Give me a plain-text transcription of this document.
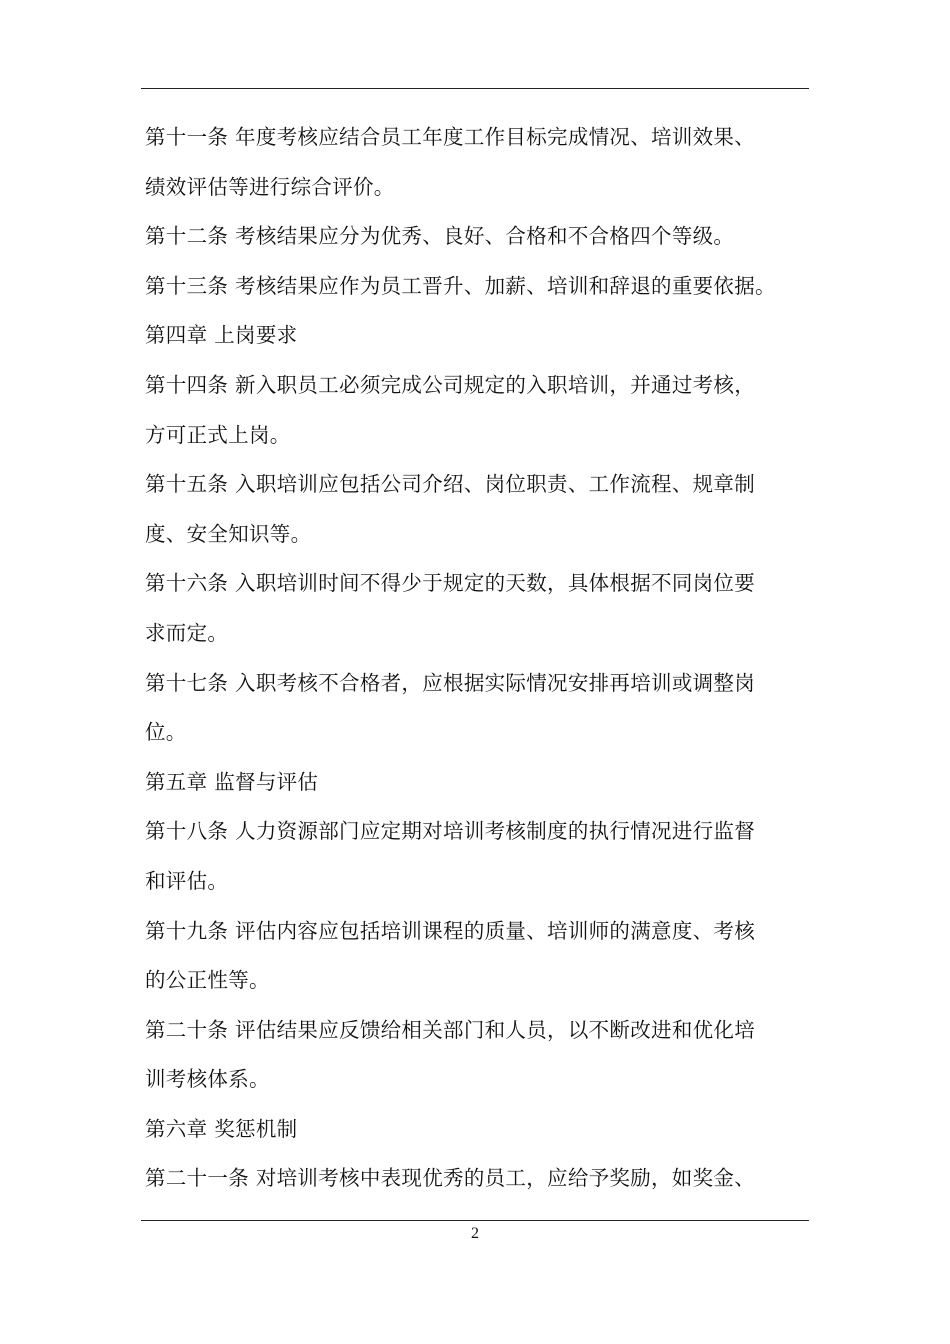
第十一条 年度考核应结合员工年度工作目标完成情况、培训效果、
绩效评估等进行综合评价。
第十二条 考核结果应分为优秀、良好、合格和不合格四个等级。
第十三条 考核结果应作为员工晋升、加薪、培训和辞退的重要依据。
第四章 上岗要求
第十四条 新入职员工必须完成公司规定的入职培训，并通过考核，
方可正式上岗。
第十五条 入职培训应包括公司介绍、岗位职责、工作流程、规章制
度、安全知识等。
第十六条 入职培训时间不得少于规定的天数，具体根据不同岗位要
求而定。
第十七条 入职考核不合格者，应根据实际情况安排再培训或调整岗
位。
第五章 监督与评估
第十八条 人力资源部门应定期对培训考核制度的执行情况进行监督
和评估。
第十九条 评估内容应包括培训课程的质量、培训师的满意度、考核
的公正性等。
第二十条 评估结果应反馈给相关部门和人员，以不断改进和优化培
训考核体系。
第六章 奖惩机制
第二十一条 对培训考核中表现优秀的员工，应给予奖励，如奖金、
2
